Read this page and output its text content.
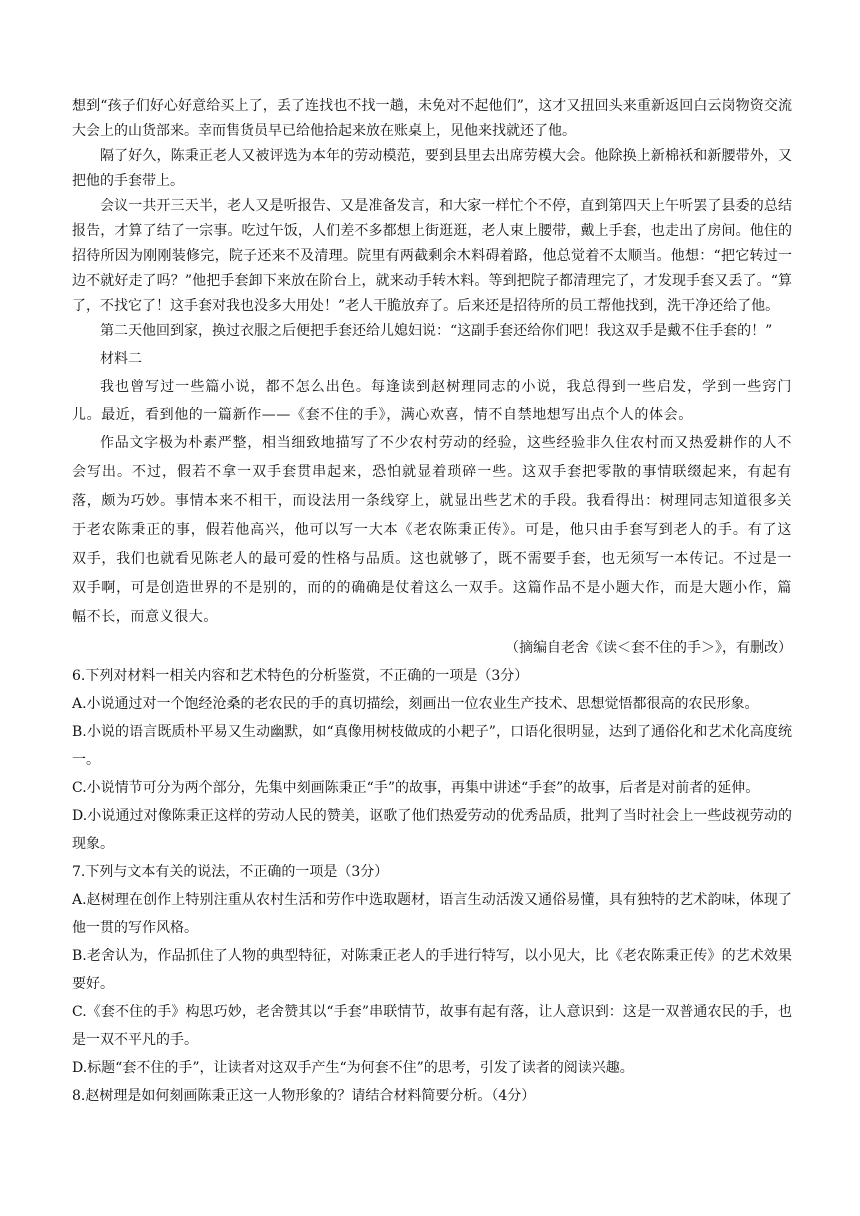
想到“孩子们好心好意给买上了，丢了连找也不找一趟，未免对不起他们”，这才又扭回头来重新返回白云岗物资交流大会上的山货部来。幸而售货员早已给他拾起来放在账桌上，见他来找就还了他。

隔了好久，陈秉正老人又被评选为本年的劳动模范，要到县里去出席劳模大会。他除换上新棉袄和新腰带外，又把他的手套带上。

会议一共开三天半，老人又是听报告、又是准备发言，和大家一样忙个不停，直到第四天上午听罢了县委的总结报告，才算了结了一宗事。吃过午饭，人们差不多都想上街逛逛，老人束上腰带，戴上手套，也走出了房间。他住的招待所因为刚刚装修完，院子还来不及清理。院里有两截剩余木料碍着路，他总觉着不太顺当。他想：“把它转过一边不就好走了吗？”他把手套卸下来放在阶台上，就来动手转木料。等到把院子都清理完了，才发现手套又丢了。“算了，不找它了！这手套对我也没多大用处！”老人干脆放弃了。后来还是招待所的员工帮他找到，洗干净还给了他。

第二天他回到家，换过衣服之后便把手套还给儿媳妇说：“这副手套还给你们吧！我这双手是戴不住手套的！”

材料二

我也曾写过一些篇小说，都不怎么出色。每逢读到赵树理同志的小说，我总得到一些启发，学到一些窍门儿。最近，看到他的一篇新作——《套不住的手》，满心欢喜，情不自禁地想写出点个人的体会。

作品文字极为朴素严整，相当细致地描写了不少农村劳动的经验，这些经验非久住农村而又热爱耕作的人不会写出。不过，假若不拿一双手套贯串起来，恐怕就显着琐碎一些。这双手套把零散的事情联缀起来，有起有落，颇为巧妙。事情本来不相干，而设法用一条线穿上，就显出些艺术的手段。我看得出：树理同志知道很多关于老农陈秉正的事，假若他高兴，他可以写一大本《老农陈秉正传》。可是，他只由手套写到老人的手。有了这双手，我们也就看见陈老人的最可爱的性格与品质。这也就够了，既不需要手套，也无须写一本传记。不过是一双手啊，可是创造世界的不是别的，而的的确确是仗着这么一双手。这篇作品不是小题大作，而是大题小作，篇幅不长，而意义很大。

（摘编自老舍《读＜套不住的手＞》，有删改）

6.下列对材料一相关内容和艺术特色的分析鉴赏，不正确的一项是（3分）

A.小说通过对一个饱经沧桑的老农民的手的真切描绘，刻画出一位农业生产技术、思想觉悟都很高的农民形象。

B.小说的语言既质朴平易又生动幽默，如“真像用树枝做成的小耙子”，口语化很明显，达到了通俗化和艺术化高度统一。

C.小说情节可分为两个部分，先集中刻画陈秉正“手”的故事，再集中讲述“手套”的故事，后者是对前者的延伸。

D.小说通过对像陈秉正这样的劳动人民的赞美，讴歌了他们热爱劳动的优秀品质，批判了当时社会上一些歧视劳动的现象。

7.下列与文本有关的说法，不正确的一项是（3分）

A.赵树理在创作上特别注重从农村生活和劳作中选取题材，语言生动活泼又通俗易懂，具有独特的艺术韵味，体现了他一贯的写作风格。

B.老舍认为，作品抓住了人物的典型特征，对陈秉正老人的手进行特写，以小见大，比《老农陈秉正传》的艺术效果要好。

C.《套不住的手》构思巧妙，老舍赞其以“手套”串联情节，故事有起有落，让人意识到：这是一双普通农民的手，也是一双不平凡的手。

D.标题“套不住的手”，让读者对这双手产生“为何套不住”的思考，引发了读者的阅读兴趣。

8.赵树理是如何刻画陈秉正这一人物形象的？请结合材料简要分析。（4分）
